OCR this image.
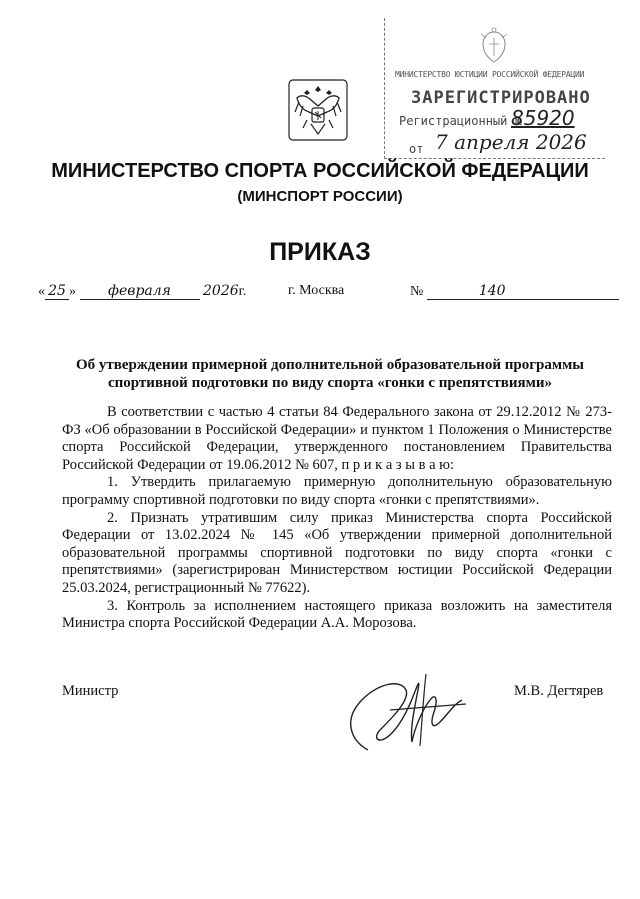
МИНИСТЕРСТВО ЮСТИЦИИ РОССИЙСКОЙ ФЕДЕРАЦИИ
ЗАРЕГИСТРИРОВАНО
Регистрационный №
85920
от 7 апреля 2026
МИНИСТЕРСТВО СПОРТА РОССИЙСКОЙ ФЕДЕРАЦИИ
(МИНСПОРТ РОССИИ)
ПРИКАЗ
« 25 » февраля 2026г.	г. Москва	№	140
Об утверждении примерной дополнительной образовательной программы
спортивной подготовки по виду спорта «гонки с препятствиями»

В соответствии с частью 4 статьи 84 Федерального закона от 29.12.2012 № 273-ФЗ «Об образовании в Российской Федерации» и пунктом 1 Положения о Министерстве спорта Российской Федерации, утвержденного постановлением Правительства Российской Федерации от 19.06.2012 № 607, п р и к а з ы в а ю:

1. Утвердить прилагаемую примерную дополнительную образовательную программу спортивной подготовки по виду спорта «гонки с препятствиями».

2. Признать утратившим силу приказ Министерства спорта Российской Федерации от 13.02.2024 № 145 «Об утверждении примерной дополнительной образовательной программы спортивной подготовки по виду спорта «гонки с препятствиями» (зарегистрирован Министерством юстиции Российской Федерации 25.03.2024, регистрационный № 77622).

3. Контроль за исполнением настоящего приказа возложить на заместителя Министра спорта Российской Федерации А.А. Морозова.

Министр	М.В. Дегтярев
